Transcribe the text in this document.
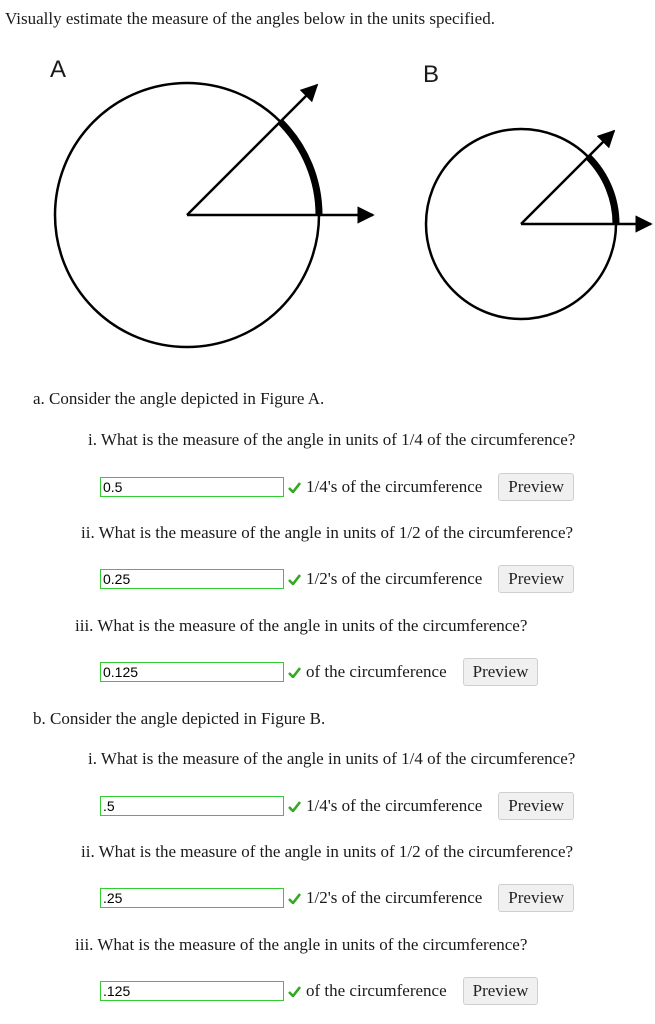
Visually estimate the measure of the angles below in the units specified.
A	B
a. Consider the angle depicted in Figure A.
i. What is the measure of the angle in units of 1/4 of the circumference?
0.5
1/4's of the circumference	Preview
ii. What is the measure of the angle in units of 1/2 of the circumference?
0.25
1/2's of the circumference	Preview
iii. What is the measure of the angle in units of the circumference?
0.125
of the circumference	Preview
b. Consider the angle depicted in Figure B.
i. What is the measure of the angle in units of 1/4 of the circumference?
.5
1/4's of the circumference	Preview
ii. What is the measure of the angle in units of 1/2 of the circumference?
.25
1/2's of the circumference	Preview
iii. What is the measure of the angle in units of the circumference?
.125
of the circumference	Preview
